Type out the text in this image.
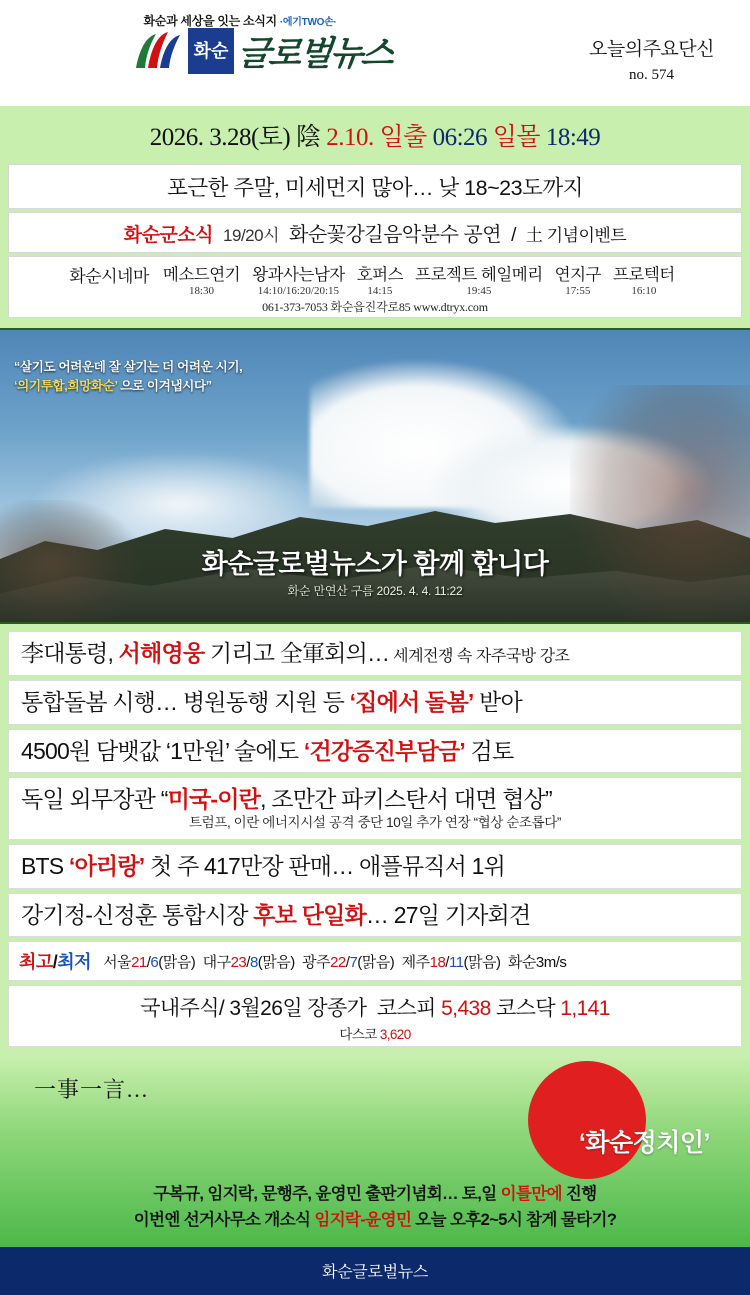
화순과 세상을 잇는 소식지 ·에기TWO손·
화순 글로벌뉴스	오늘의주요단신
no. 574
2026. 3.28(토) 陰 2.10. 일출 06:26 일몰 18:49
포근한 주말, 미세먼지 많아… 낮 18~23도까지
화순군소식 19/20시 화순꽃강길음악분수 공연 / 土 기념이벤트
화순시네마 메소드연기
18:30
왕과사는남자
14:10/16:20/20:15
호퍼스
14:15
프로젝트 헤일메리
19:45
연지구
17:55
프로텍터
16:10
061-373-7053 화순읍진각로85 www.dtryx.com
“살기도 어려운데 잘 살기는 더 어려운 시기,
‘의기투합,희망화순’ 으로 이겨냅시다”
화순글로벌뉴스가 함께 합니다
화순 만연산 구름 2025. 4. 4. 11:22
李대통령, 서해영웅 기리고 全軍회의… 세계전쟁 속 자주국방 강조
통합돌봄 시행… 병원동행 지원 등 ‘집에서 돌봄’ 받아
4500원 담뱃값 ‘1만원’ 술에도 ‘건강증진부담금’ 검토
독일 외무장관 “미국-이란, 조만간 파키스탄서 대면 협상”
트럼프, 이란 에너지시설 공격 중단 10일 추가 연장 “협상 순조롭다”
BTS ‘아리랑’ 첫 주 417만장 판매… 애플뮤직서 1위
강기정-신정훈 통합시장 후보 단일화… 27일 기자회견
최고/최저 서울21/6(맑음) 대구23/8(맑음) 광주22/7(맑음) 제주18/11(맑음) 화순3m/s
국내주식/ 3월26일 장종가 코스피 5,438 코스닥 1,141
다스코 3,620
一事一言…
‘화순정치인’
구복규, 임지락, 문행주, 윤영민 출판기념회… 토,일 이틀만에 진행
이번엔 선거사무소 개소식 임지락-윤영민 오늘 오후2~5시 참게 물타기?
화순글로벌뉴스
